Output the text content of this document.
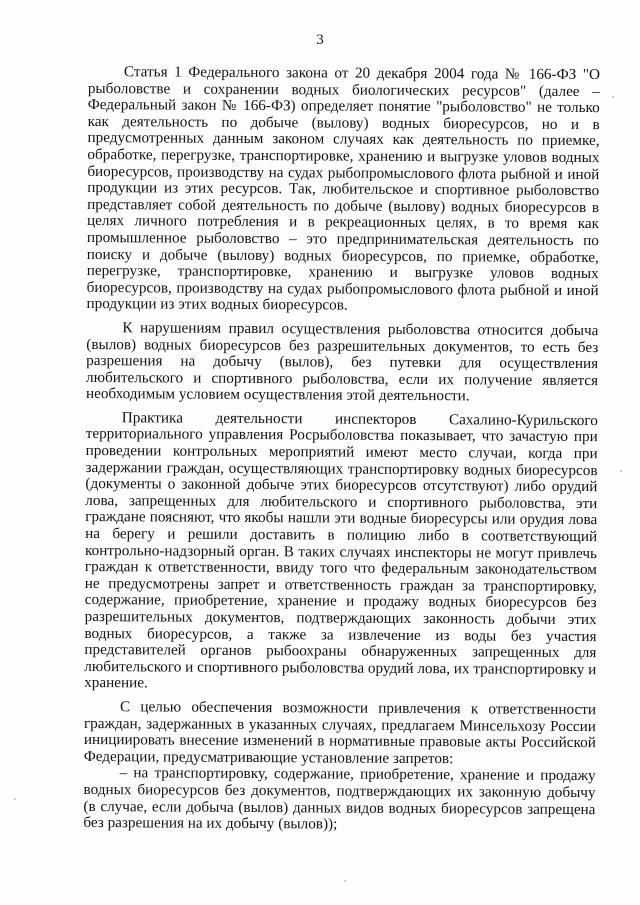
3

Статья 1 Федерального закона от 20 декабря 2004 года № 166-ФЗ "О рыболовстве и сохранении водных биологических ресурсов" (далее – Федеральный закон № 166-ФЗ) определяет понятие "рыболовство" не только как деятельность по добыче (вылову) водных биоресурсов, но и в предусмотренных данным законом случаях как деятельность по приемке, обработке, перегрузке, транспортировке, хранению и выгрузке уловов водных биоресурсов, производству на судах рыбопромыслового флота рыбной и иной продукции из этих ресурсов. Так, любительское и спортивное рыболовство представляет собой деятельность по добыче (вылову) водных биоресурсов в целях личного потребления и в рекреационных целях, в то время как промышленное рыболовство – это предпринимательская деятельность по поиску и добыче (вылову) водных биоресурсов, по приемке, обработке, перегрузке, транспортировке, хранению и выгрузке уловов водных биоресурсов, производству на судах рыбопромыслового флота рыбной и иной продукции из этих водных биоресурсов.

К нарушениям правил осуществления рыболовства относится добыча (вылов) водных биоресурсов без разрешительных документов, то есть без разрешения на добычу (вылов), без путевки для осуществления любительского и спортивного рыболовства, если их получение является необходимым условием осуществления этой деятельности.

Практика деятельности инспекторов Сахалино-Курильского территориального управления Росрыболовства показывает, что зачастую при проведении контрольных мероприятий имеют место случаи, когда при задержании граждан, осуществляющих транспортировку водных биоресурсов (документы о законной добыче этих биоресурсов отсутствуют) либо орудий лова, запрещенных для любительского и спортивного рыболовства, эти граждане поясняют, что якобы нашли эти водные биоресурсы или орудия лова на берегу и решили доставить в полицию либо в соответствующий контрольно-надзорный орган. В таких случаях инспекторы не могут привлечь граждан к ответственности, ввиду того что федеральным законодательством не предусмотрены запрет и ответственность граждан за транспортировку, содержание, приобретение, хранение и продажу водных биоресурсов без разрешительных документов, подтверждающих законность добычи этих водных биоресурсов, а также за извлечение из воды без участия представителей органов рыбоохраны обнаруженных запрещенных для любительского и спортивного рыболовства орудий лова, их транспортировку и хранение.

С целью обеспечения возможности привлечения к ответственности граждан, задержанных в указанных случаях, предлагаем Минсельхозу России инициировать внесение изменений в нормативные правовые акты Российской Федерации, предусматривающие установление запретов:

– на транспортировку, содержание, приобретение, хранение и продажу водных биоресурсов без документов, подтверждающих их законную добычу (в случае, если добыча (вылов) данных видов водных биоресурсов запрещена без разрешения на их добычу (вылов));
